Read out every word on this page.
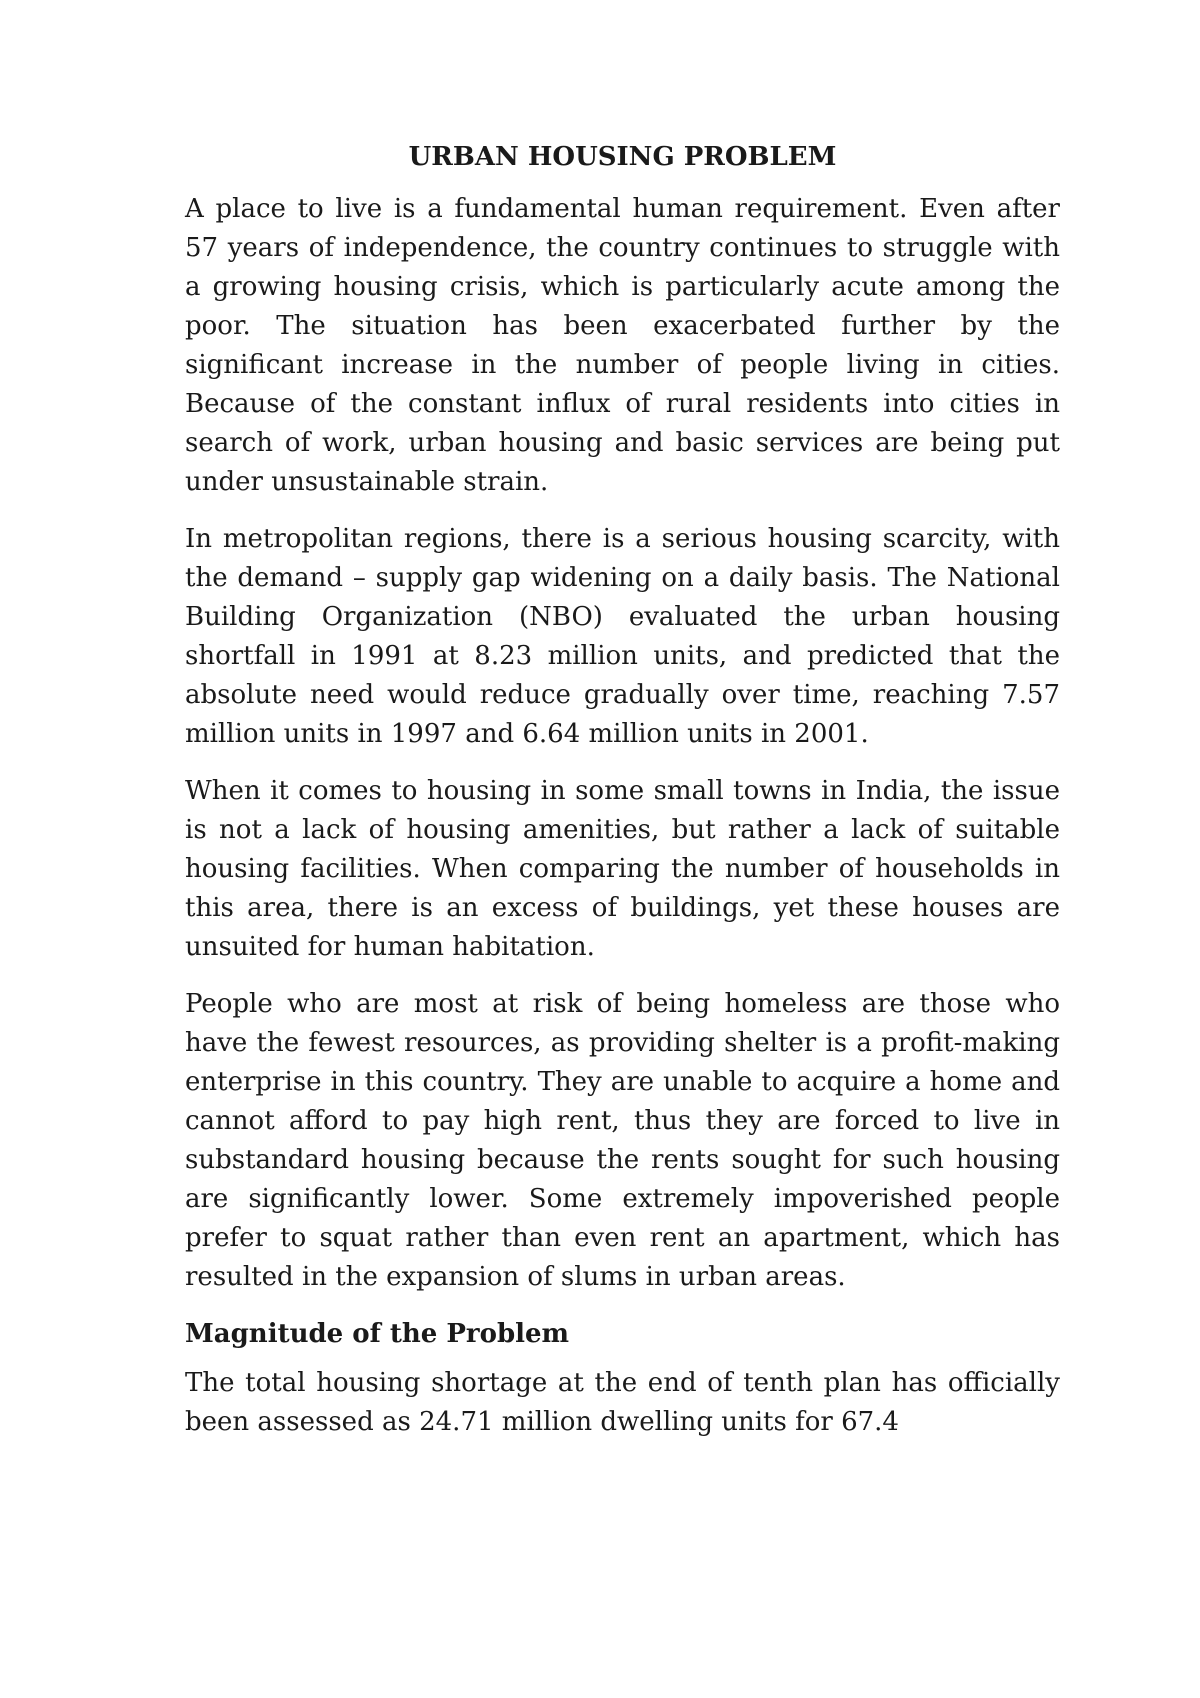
URBAN HOUSING PROBLEM

A place to live is a fundamental human requirement. Even after 57 years of independence, the country continues to struggle with a growing housing crisis, which is particularly acute among the poor. The situation has been exacerbated further by the significant increase in the number of people living in cities. Because of the constant influx of rural residents into cities in search of work, urban housing and basic services are being put under unsustainable strain.

In metropolitan regions, there is a serious housing scarcity, with the demand – supply gap widening on a daily basis. The National Building Organization (NBO) evaluated the urban housing shortfall in 1991 at 8.23 million units, and predicted that the absolute need would reduce gradually over time, reaching 7.57 million units in 1997 and 6.64 million units in 2001.

When it comes to housing in some small towns in India, the issue is not a lack of housing amenities, but rather a lack of suitable housing facilities. When comparing the number of households in this area, there is an excess of buildings, yet these houses are unsuited for human habitation.

People who are most at risk of being homeless are those who have the fewest resources, as providing shelter is a profit-making enterprise in this country. They are unable to acquire a home and cannot afford to pay high rent, thus they are forced to live in substandard housing because the rents sought for such housing are significantly lower. Some extremely impoverished people prefer to squat rather than even rent an apartment, which has resulted in the expansion of slums in urban areas.

Magnitude of the Problem

The total housing shortage at the end of tenth plan has officially been assessed as 24.71 million dwelling units for 67.4
